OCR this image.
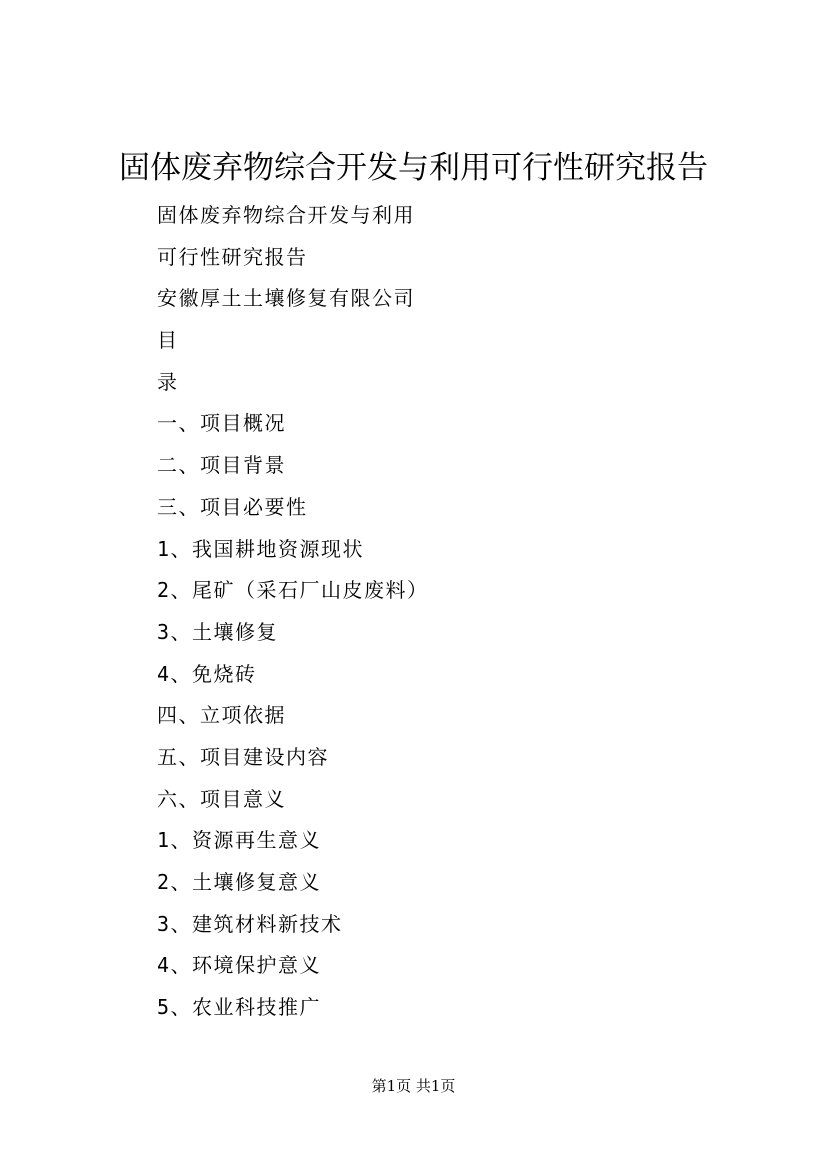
固体废弃物综合开发与利用可行性研究报告
固体废弃物综合开发与利用
可行性研究报告
安徽厚土土壤修复有限公司
目
录
一、项目概况
二、项目背景
三、项目必要性
1、我国耕地资源现状
2、尾矿（采石厂山皮废料）
3、土壤修复
4、免烧砖
四、立项依据
五、项目建设内容
六、项目意义
1、资源再生意义
2、土壤修复意义
3、建筑材料新技术
4、环境保护意义
5、农业科技推广
第1页 共1页
